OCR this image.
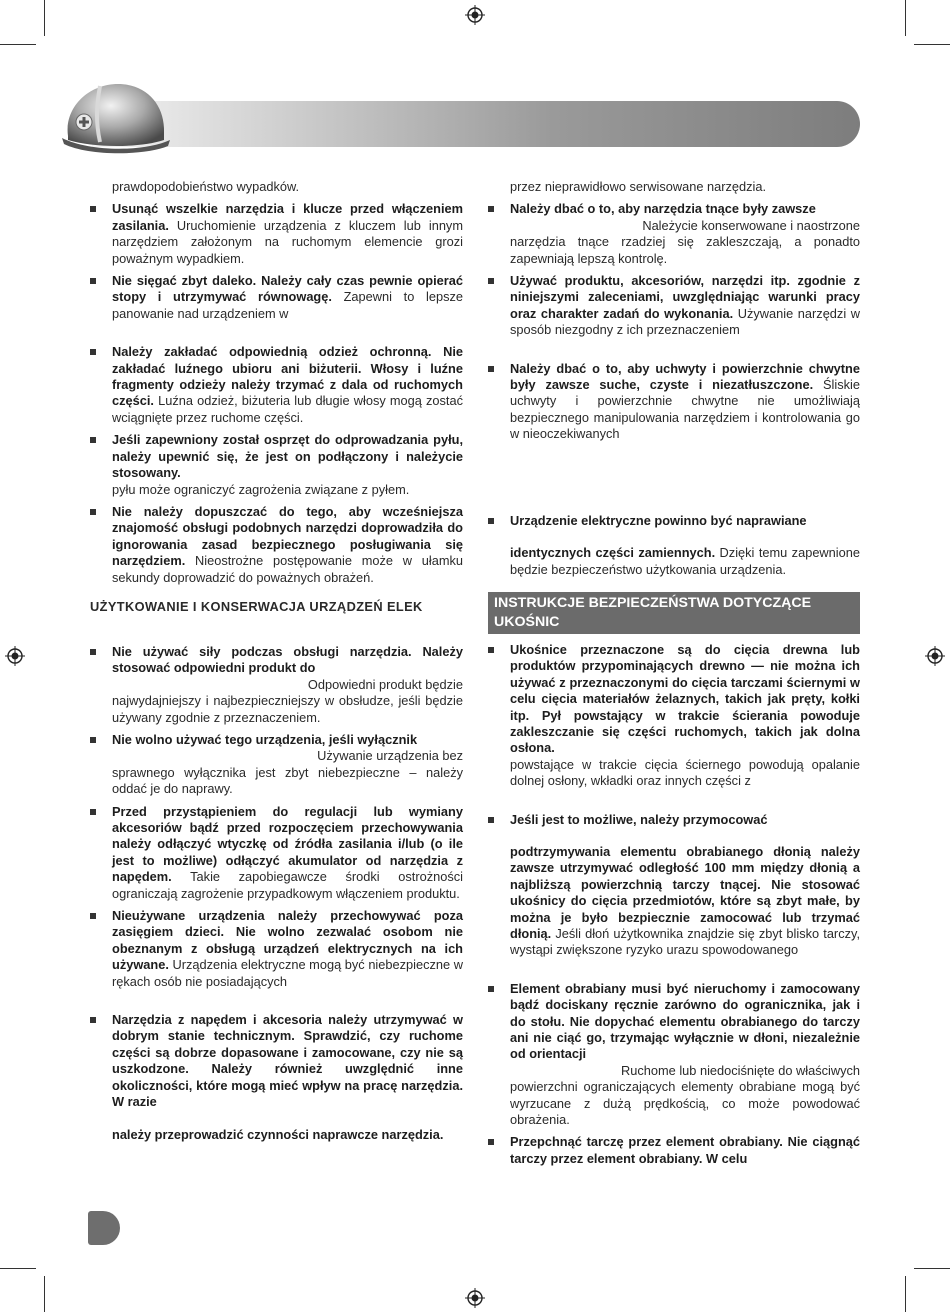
prawdopodobieństwo wypadków.

Usunąć wszelkie narzędzia i klucze przed włączeniem zasilania. Uruchomienie urządzenia z kluczem lub innym narzędziem założonym na ruchomym elemencie grozi poważnym wypadkiem.
Nie sięgać zbyt daleko. Należy cały czas pewnie opierać stopy i utrzymywać równowagę. Zapewni to lepsze panowanie nad urządzeniem w
Należy zakładać odpowiednią odzież ochronną. Nie zakładać luźnego ubioru ani biżuterii. Włosy i luźne fragmenty odzieży należy trzymać z dala od ruchomych części. Luźna odzież, biżuteria lub długie włosy mogą zostać wciągnięte przez ruchome części.
Jeśli zapewniony został osprzęt do odprowadzania pyłu, należy upewnić się, że jest on podłączony i należycie stosowany.
pyłu może ograniczyć zagrożenia związane z pyłem.
Nie należy dopuszczać do tego, aby wcześniejsza znajomość obsługi podobnych narzędzi doprowadziła do ignorowania zasad bezpiecznego posługiwania się narzędziem. Nieostrożne postępowanie może w ułamku sekundy doprowadzić do poważnych obrażeń.
UŻYTKOWANIE I KONSERWACJA URZĄDZEŃ ELEK
Nie używać siły podczas obsługi narzędzia. Należy stosować odpowiedni produkt do
Odpowiedni produkt będzie
najwydajniejszy i najbezpieczniejszy w obsłudze, jeśli będzie używany zgodnie z przeznaczeniem.
Nie wolno używać tego urządzenia, jeśli wyłącznik
Używanie urządzenia bez
sprawnego wyłącznika jest zbyt niebezpieczne – należy oddać je do naprawy.
Przed przystąpieniem do regulacji lub wymiany akcesoriów bądź przed rozpoczęciem przechowywania należy odłączyć wtyczkę od źródła zasilania i/lub (o ile jest to możliwe) odłączyć akumulator od narzędzia z napędem. Takie zapobiegawcze środki ostrożności ograniczają zagrożenie przypadkowym włączeniem produktu.
Nieużywane urządzenia należy przechowywać poza zasięgiem dzieci. Nie wolno zezwalać osobom nie obeznanym z obsługą urządzeń elektrycznych na ich używane. Urządzenia elektryczne mogą być niebezpieczne w rękach osób nie posiadających
Narzędzia z napędem i akcesoria należy utrzymywać w dobrym stanie technicznym. Sprawdzić, czy ruchome części są dobrze dopasowane i zamocowane, czy nie są uszkodzone. Należy również uwzględnić inne okoliczności, które mogą mieć wpływ na pracę narzędzia. W razie

należy przeprowadzić czynności naprawcze narzędzia.

przez nieprawidłowo serwisowane narzędzia.

Należy dbać o to, aby narzędzia tnące były zawsze
Należycie konserwowane i naostrzone
narzędzia tnące rzadziej się zakleszczają, a ponadto zapewniają lepszą kontrolę.
Używać produktu, akcesoriów, narzędzi itp. zgodnie z niniejszymi zaleceniami, uwzględniając warunki pracy oraz charakter zadań do wykonania. Używanie narzędzi w sposób niezgodny z ich przeznaczeniem
Należy dbać o to, aby uchwyty i powierzchnie chwytne były zawsze suche, czyste i niezatłuszczone. Śliskie uchwyty i powierzchnie chwytne nie umożliwiają bezpiecznego manipulowania narzędziem i kontrolowania go w nieoczekiwanych
Urządzenie elektryczne powinno być naprawiane

identycznych części zamiennych. Dzięki temu zapewnione będzie bezpieczeństwo użytkowania urządzenia.

INSTRUKCJE BEZPIECZEŃSTWA DOTYCZĄCE UKOŚNIC
Ukośnice przeznaczone są do cięcia drewna lub produktów przypominających drewno — nie można ich używać z przeznaczonymi do cięcia tarczami ściernymi w celu cięcia materiałów żelaznych, takich jak pręty, kołki itp. Pył powstający w trakcie ścierania powoduje zakleszczanie się części ruchomych, takich jak dolna osłona.
powstające w trakcie cięcia ściernego powodują opalanie dolnej osłony, wkładki oraz innych części z
Jeśli jest to możliwe, należy przymocować

podtrzymywania elementu obrabianego dłonią należy zawsze utrzymywać odległość 100 mm między dłonią a najbliższą powierzchnią tarczy tnącej. Nie stosować ukośnicy do cięcia przedmiotów, które są zbyt małe, by można je było bezpiecznie zamocować lub trzymać dłonią. Jeśli dłoń użytkownika znajdzie się zbyt blisko tarczy, wystąpi zwiększone ryzyko urazu spowodowanego

Element obrabiany musi być nieruchomy i zamocowany bądź dociskany ręcznie zarówno do ogranicznika, jak i do stołu. Nie dopychać elementu obrabianego do tarczy ani nie ciąć go, trzymając wyłącznie w dłoni, niezależnie od orientacji
Ruchome lub niedociśnięte do właściwych
powierzchni ograniczających elementy obrabiane mogą być wyrzucane z dużą prędkością, co może powodować obrażenia.
Przepchnąć tarczę przez element obrabiany. Nie ciągnąć tarczy przez element obrabiany. W celu
